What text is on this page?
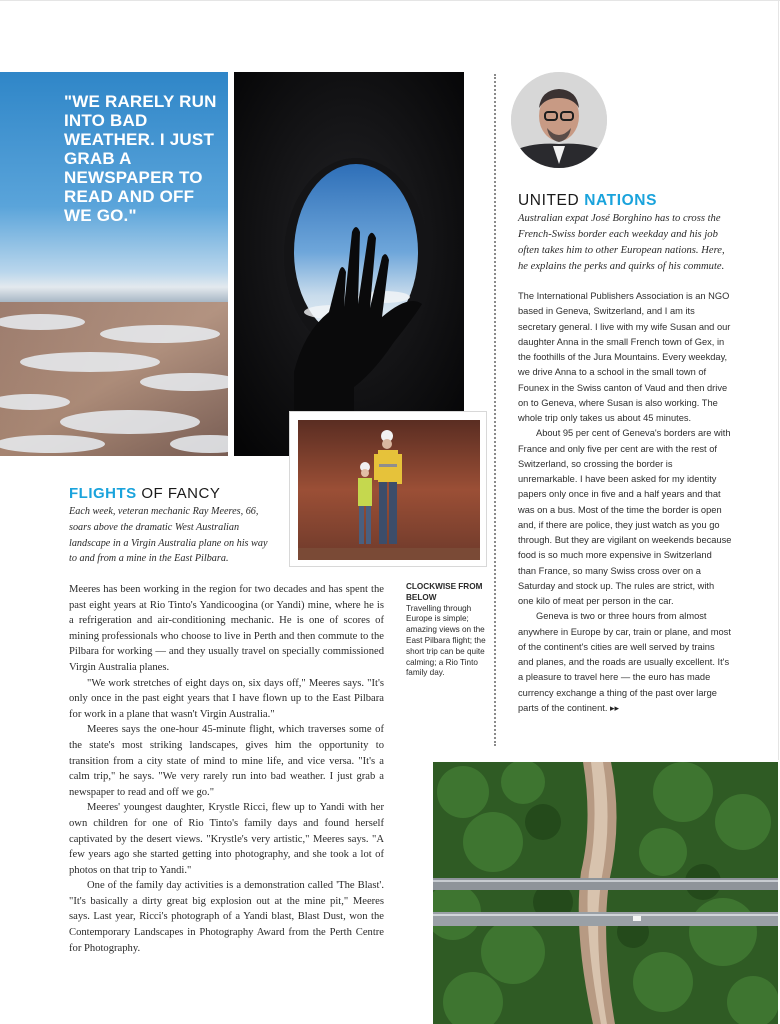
"WE RARELY RUN INTO BAD WEATHER. I JUST GRAB A NEWSPAPER TO READ AND OFF WE GO."
UNITED NATIONS

Australian expat José Borghino has to cross the French-Swiss border each weekday and his job often takes him to other European nations. Here, he explains the perks and quirks of his commute.

The International Publishers Association is an NGO based in Geneva, Switzerland, and I am its secretary general. I live with my wife Susan and our daughter Anna in the small French town of Gex, in the foothills of the Jura Mountains. Every weekday, we drive Anna to a school in the small town of Founex in the Swiss canton of Vaud and then drive on to Geneva, where Susan is also working. The whole trip only takes us about 45 minutes.

About 95 per cent of Geneva's borders are with France and only five per cent are with the rest of Switzerland, so crossing the border is unremarkable. I have been asked for my identity papers only once in five and a half years and that was on a bus. Most of the time the border is open and, if there are police, they just watch as you go through. But they are vigilant on weekends because food is so much more expensive in Switzerland than France, so many Swiss cross over on a Saturday and stock up. The rules are strict, with one kilo of meat per person in the car.

Geneva is two or three hours from almost anywhere in Europe by car, train or plane, and most of the continent's cities are well served by trains and planes, and the roads are usually excellent. It's a pleasure to travel here — the euro has made currency exchange a thing of the past over large parts of the continent. ▸▸

FLIGHTS OF FANCY

Each week, veteran mechanic Ray Meeres, 66, soars above the dramatic West Australian landscape in a Virgin Australia plane on his way to and from a mine in the East Pilbara.

Meeres has been working in the region for two decades and has spent the past eight years at Rio Tinto's Yandicoogina (or Yandi) mine, where he is a refrigeration and air-conditioning mechanic. He is one of scores of mining professionals who choose to live in Perth and then commute to the Pilbara for working — and they usually travel on specially commissioned Virgin Australia planes.

"We work stretches of eight days on, six days off," Meeres says. "It's only once in the past eight years that I have flown up to the East Pilbara for work in a plane that wasn't Virgin Australia."

Meeres says the one-hour 45-minute flight, which traverses some of the state's most striking landscapes, gives him the opportunity to transition from a city state of mind to mine life, and vice versa. "It's a calm trip," he says. "We very rarely run into bad weather. I just grab a newspaper to read and off we go."

Meeres' youngest daughter, Krystle Ricci, flew up to Yandi with her own children for one of Rio Tinto's family days and found herself captivated by the desert views. "Krystle's very artistic," Meeres says. "A few years ago she started getting into photography, and she took a lot of photos on that trip to Yandi."

One of the family day activities is a demonstration called 'The Blast'. "It's basically a dirty great big explosion out at the mine pit," Meeres says. Last year, Ricci's photograph of a Yandi blast, Blast Dust, won the Contemporary Landscapes in Photography Award from the Perth Centre for Photography.

CLOCKWISE FROM BELOW

Travelling through Europe is simple; amazing views on the East Pilbara flight; the short trip can be quite calming; a Rio Tinto family day.
